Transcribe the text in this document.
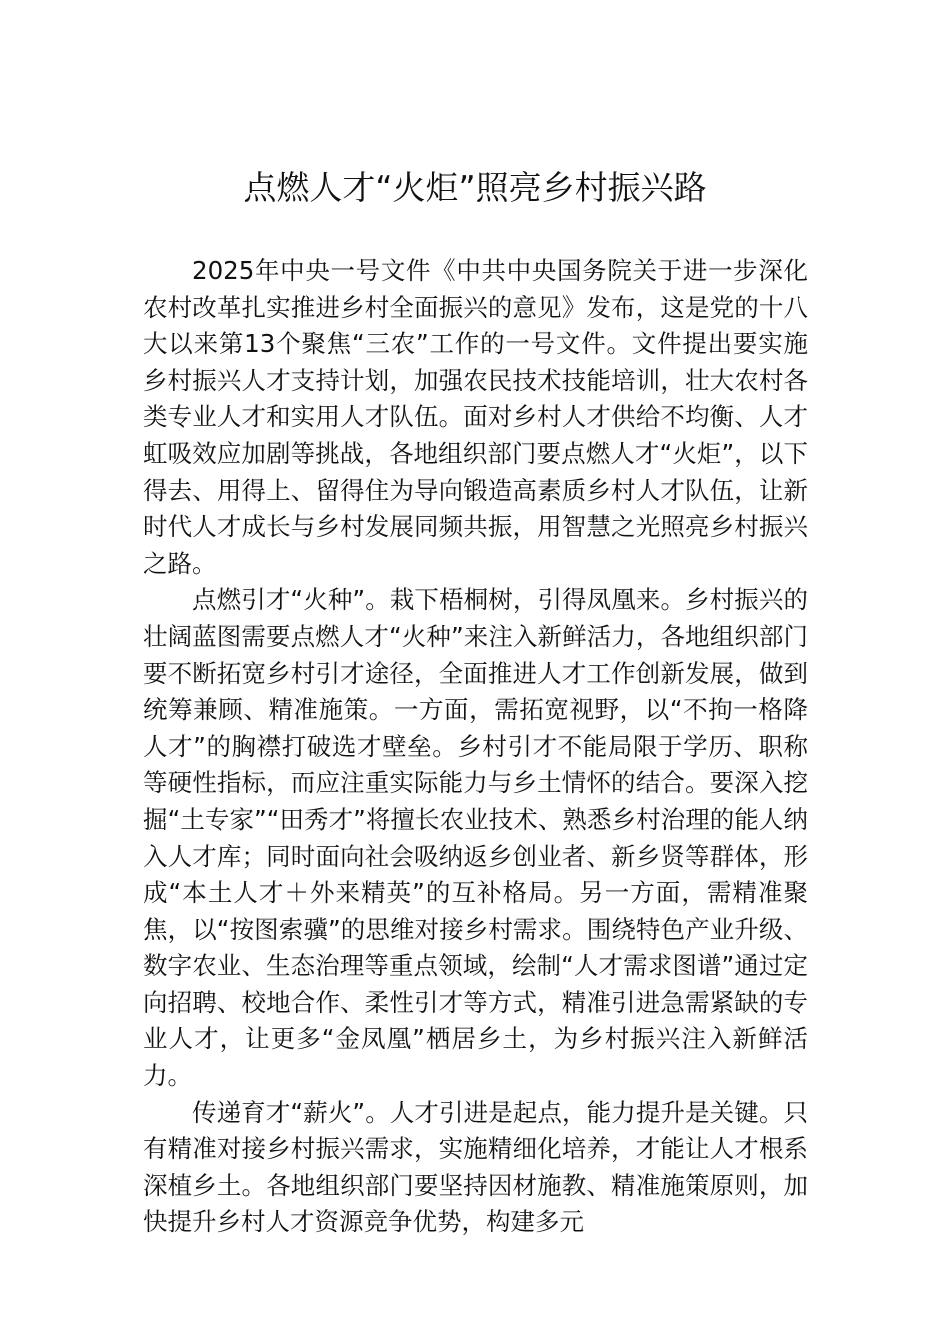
点燃人才“火炬”照亮乡村振兴路

2025年中央一号文件《中共中央国务院关于进一步深化农村改革扎实推进乡村全面振兴的意见》发布，这是党的十八大以来第13个聚焦“三农”工作的一号文件。文件提出要实施乡村振兴人才支持计划，加强农民技术技能培训，壮大农村各类专业人才和实用人才队伍。面对乡村人才供给不均衡、人才虹吸效应加剧等挑战，各地组织部门要点燃人才“火炬”，以下得去、用得上、留得住为导向锻造高素质乡村人才队伍，让新时代人才成长与乡村发展同频共振，用智慧之光照亮乡村振兴之路。

点燃引才“火种”。栽下梧桐树，引得凤凰来。乡村振兴的壮阔蓝图需要点燃人才“火种”来注入新鲜活力，各地组织部门要不断拓宽乡村引才途径，全面推进人才工作创新发展，做到统筹兼顾、精准施策。一方面，需拓宽视野，以“不拘一格降人才”的胸襟打破选才壁垒。乡村引才不能局限于学历、职称等硬性指标，而应注重实际能力与乡土情怀的结合。要深入挖掘“土专家”“田秀才”将擅长农业技术、熟悉乡村治理的能人纳入人才库；同时面向社会吸纳返乡创业者、新乡贤等群体，形成“本土人才＋外来精英”的互补格局。另一方面，需精准聚焦，以“按图索骥”的思维对接乡村需求。围绕特色产业升级、数字农业、生态治理等重点领域，绘制“人才需求图谱”通过定向招聘、校地合作、柔性引才等方式，精准引进急需紧缺的专业人才，让更多“金凤凰”栖居乡土，为乡村振兴注入新鲜活力。

传递育才“薪火”。人才引进是起点，能力提升是关键。只有精准对接乡村振兴需求，实施精细化培养，才能让人才根系深植乡土。各地组织部门要坚持因材施教、精准施策原则，加快提升乡村人才资源竞争优势，构建多元
